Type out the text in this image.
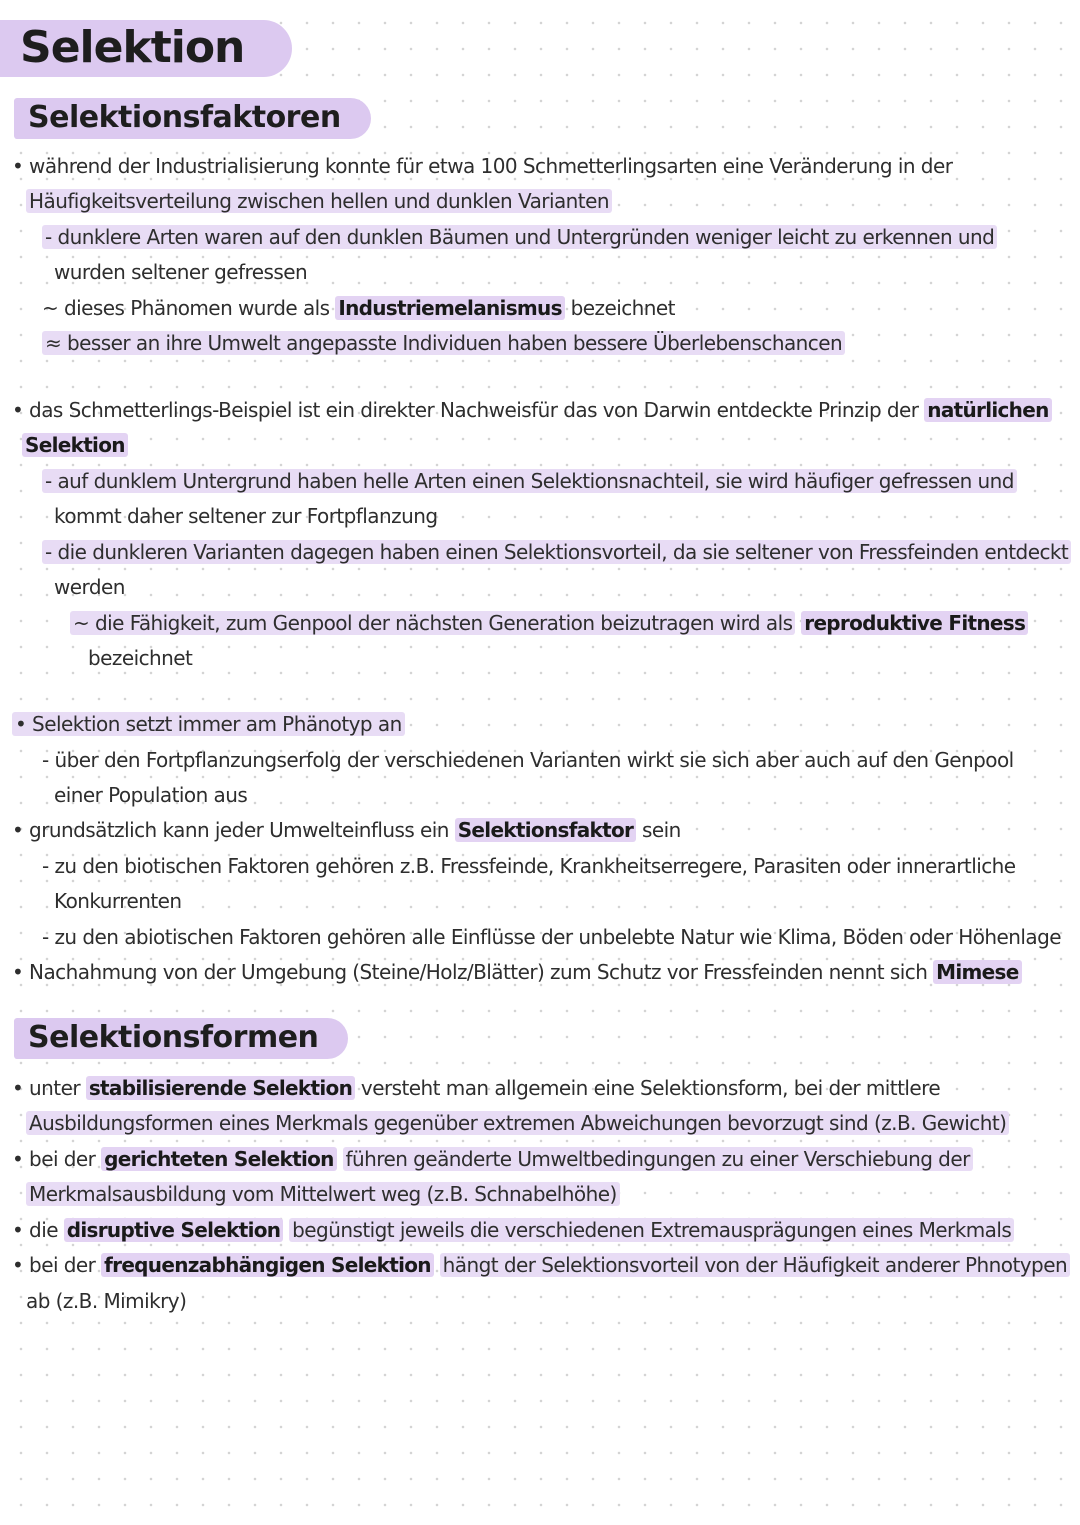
Selektion
Selektionsfaktoren
• während der Industrialisierung konnte für etwa 100 Schmetterlingsarten eine Veränderung in der
Häufigkeitsverteilung zwischen hellen und dunklen Varianten
- dunklere Arten waren auf den dunklen Bäumen und Untergründen weniger leicht zu erkennen und
wurden seltener gefressen
~ dieses Phänomen wurde als Industriemelanismus bezeichnet
≈ besser an ihre Umwelt angepasste Individuen haben bessere Überlebenschancen
• das Schmetterlings-Beispiel ist ein direkter Nachweisfür das von Darwin entdeckte Prinzip der natürlichen
Selektion
- auf dunklem Untergrund haben helle Arten einen Selektionsnachteil, sie wird häufiger gefressen und
kommt daher seltener zur Fortpflanzung
- die dunkleren Varianten dagegen haben einen Selektionsvorteil, da sie seltener von Fressfeinden entdeckt
werden
~ die Fähigkeit, zum Genpool der nächsten Generation beizutragen wird als reproduktive Fitness
bezeichnet
• Selektion setzt immer am Phänotyp an
- über den Fortpflanzungserfolg der verschiedenen Varianten wirkt sie sich aber auch auf den Genpool
einer Population aus
• grundsätzlich kann jeder Umwelteinfluss ein Selektionsfaktor sein
- zu den biotischen Faktoren gehören z.B. Fressfeinde, Krankheitserregere, Parasiten oder innerartliche
Konkurrenten
- zu den abiotischen Faktoren gehören alle Einflüsse der unbelebte Natur wie Klima, Böden oder Höhenlage
• Nachahmung von der Umgebung (Steine/Holz/Blätter) zum Schutz vor Fressfeinden nennt sich Mimese
Selektionsformen
• unter stabilisierende Selektion versteht man allgemein eine Selektionsform, bei der mittlere
Ausbildungsformen eines Merkmals gegenüber extremen Abweichungen bevorzugt sind (z.B. Gewicht)
• bei der gerichteten Selektion führen geänderte Umweltbedingungen zu einer Verschiebung der
Merkmalsausbildung vom Mittelwert weg (z.B. Schnabelhöhe)
• die disruptive Selektion begünstigt jeweils die verschiedenen Extremausprägungen eines Merkmals
• bei der frequenzabhängigen Selektion hängt der Selektionsvorteil von der Häufigkeit anderer Phnotypen
ab (z.B. Mimikry)
